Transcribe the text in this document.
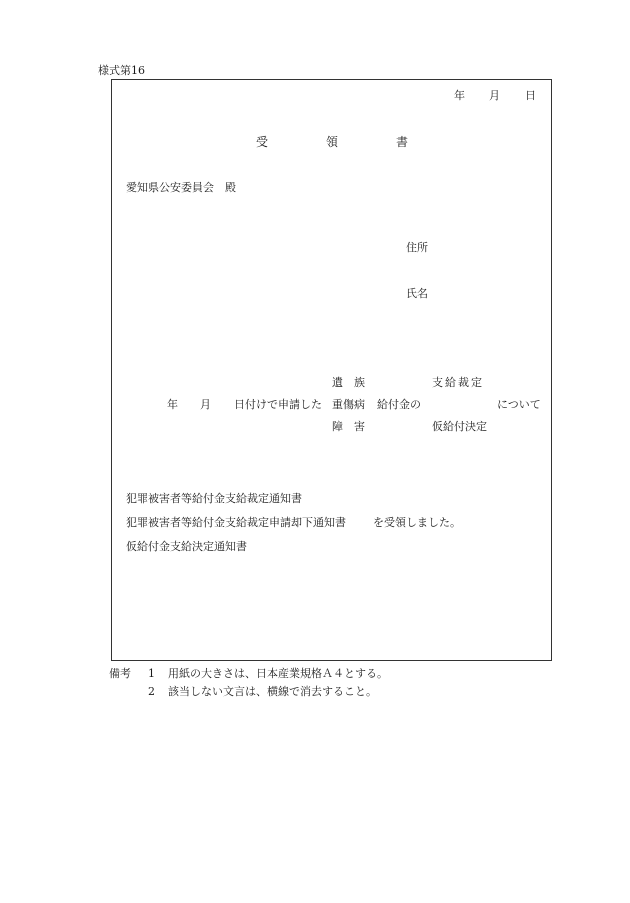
様式第16
年 月 日
受	領	書
愛知県公安委員会　殿
住所
氏名
遺　族	支給裁定
年 月 日付けで申請した 重傷病 給付金の	について
障　害	仮給付決定
犯罪被害者等給付金支給裁定通知書
犯罪被害者等給付金支給裁定申請却下通知書 を受領しました。
仮給付金支給決定通知書
備考 1 用紙の大きさは、日本産業規格Ａ４とする。
2 該当しない文言は、横線で消去すること。
